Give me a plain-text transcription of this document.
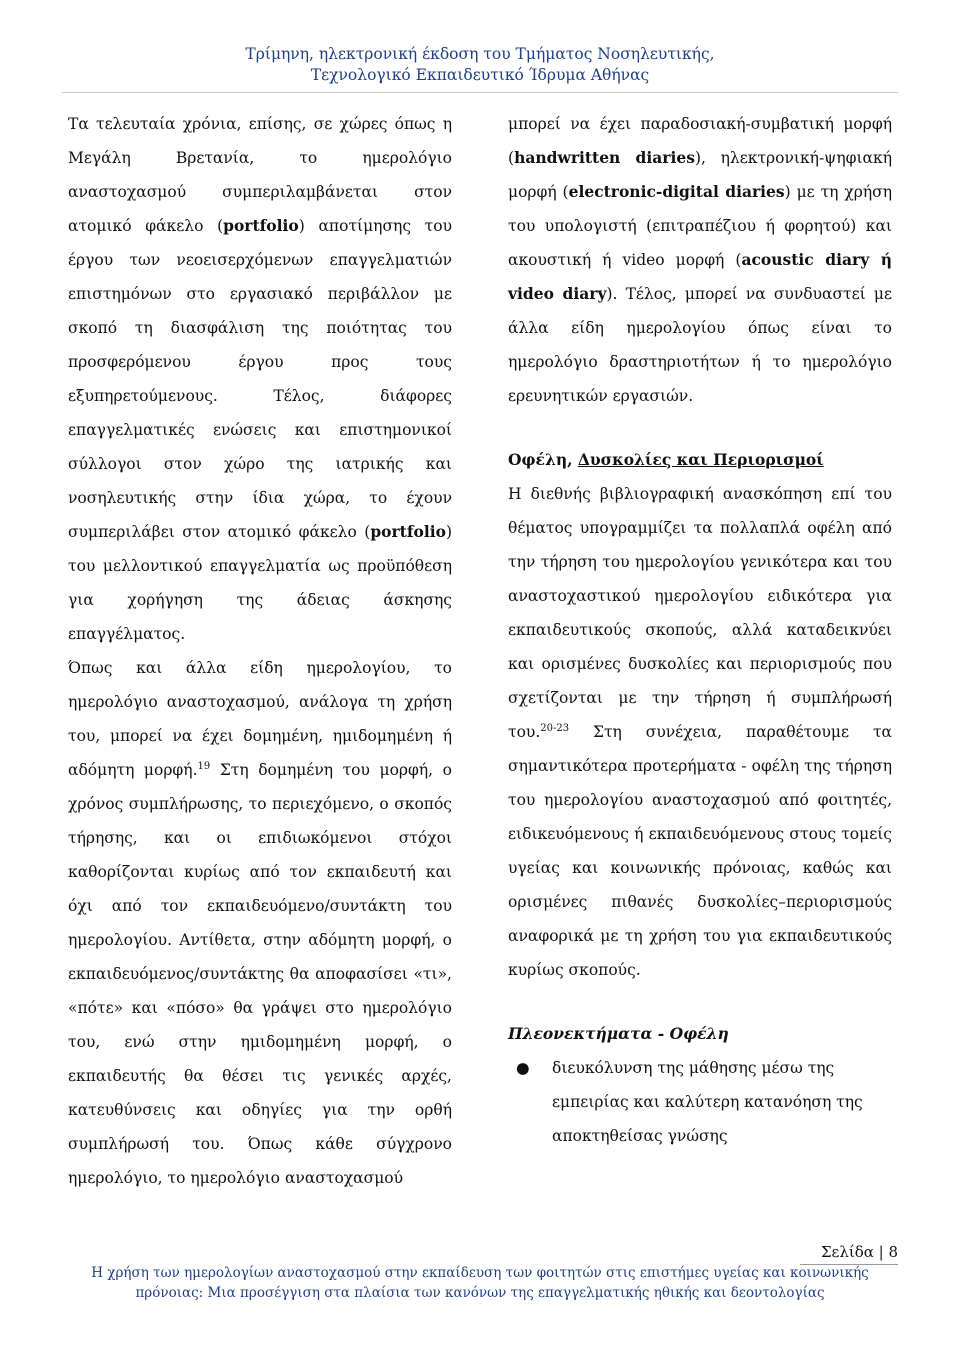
Τρίμηνη, ηλεκτρονική έκδοση του Τμήματος Νοσηλευτικής,
Τεχνολογικό Εκπαιδευτικό Ίδρυμα Αθήνας

Τα τελευταία χρόνια, επίσης, σε χώρες όπως η Μεγάλη Βρετανία, το ημερολόγιο αναστοχασμού συμπεριλαμβάνεται στον ατομικό φάκελο (portfolio) αποτίμησης του έργου των νεοεισερχόμενων επαγγελματιών επιστημόνων στο εργασιακό περιβάλλον με σκοπό τη διασφάλιση της ποιότητας του προσφερόμενου έργου προς τους εξυπηρετούμενους. Τέλος, διάφορες επαγγελματικές ενώσεις και επιστημονικοί σύλλογοι στον χώρο της ιατρικής και νοσηλευτικής στην ίδια χώρα, το έχουν συμπεριλάβει στον ατομικό φάκελο (portfolio) του μελλοντικού επαγγελματία ως προϋπόθεση για χορήγηση της άδειας άσκησης επαγγέλματος.

Όπως και άλλα είδη ημερολογίου, το ημερολόγιο αναστοχασμού, ανάλογα τη χρήση του, μπορεί να έχει δομημένη, ημιδομημένη ή αδόμητη μορφή.$^{19}$ Στη δομημένη του μορφή, ο χρόνος συμπλήρωσης, το περιεχόμενο, ο σκοπός τήρησης, και οι επιδιωκόμενοι στόχοι καθορίζονται κυρίως από τον εκπαιδευτή και όχι από τον εκπαιδευόμενο/συντάκτη του ημερολογίου. Αντίθετα, στην αδόμητη μορφή, ο εκπαιδευόμενος/συντάκτης θα αποφασίσει «τι», «πότε» και «πόσο» θα γράψει στο ημερολόγιο του, ενώ στην ημιδομημένη μορφή, ο εκπαιδευτής θα θέσει τις γενικές αρχές, κατευθύνσεις και οδηγίες για την ορθή συμπλήρωσή του. Όπως κάθε σύγχρονο ημερολόγιο, το ημερολόγιο αναστοχασμού

μπορεί να έχει παραδοσιακή-συμβατική μορφή (handwritten diaries), ηλεκτρονική-ψηφιακή μορφή (electronic-digital diaries) με τη χρήση του υπολογιστή (επιτραπέζιου ή φορητού) και ακουστική ή video μορφή (acoustic diary ή video diary). Τέλος, μπορεί να συνδυαστεί με άλλα είδη ημερολογίου όπως είναι το ημερολόγιο δραστηριοτήτων ή το ημερολόγιο ερευνητικών εργασιών.

Οφέλη, Δυσκολίες και Περιορισμοί

Η διεθνής βιβλιογραφική ανασκόπηση επί του θέματος υπογραμμίζει τα πολλαπλά οφέλη από την τήρηση του ημερολογίου γενικότερα και του αναστοχαστικού ημερολογίου ειδικότερα για εκπαιδευτικούς σκοπούς, αλλά καταδεικνύει και ορισμένες δυσκολίες και περιορισμούς που σχετίζονται με την τήρηση ή συμπλήρωσή του.$^{20-23}$ Στη συνέχεια, παραθέτουμε τα σημαντικότερα προτερήματα - οφέλη της τήρηση του ημερολογίου αναστοχασμού από φοιτητές, ειδικευόμενους ή εκπαιδευόμενους στους τομείς υγείας και κοινωνικής πρόνοιας, καθώς και ορισμένες πιθανές δυσκολίες–περιορισμούς αναφορικά με τη χρήση του για εκπαιδευτικούς κυρίως σκοπούς.

Πλεονεκτήματα - Οφέλη

● διευκόλυνση της μάθησης μέσω της εμπειρίας και καλύτερη κατανόηση της αποκτηθείσας γνώσης
Σελίδα | 8
Η χρήση των ημερολογίων αναστοχασμού στην εκπαίδευση των φοιτητών στις επιστήμες υγείας και κοινωνικής
πρόνοιας: Μια προσέγγιση στα πλαίσια των κανόνων της επαγγελματικής ηθικής και δεοντολογίας
